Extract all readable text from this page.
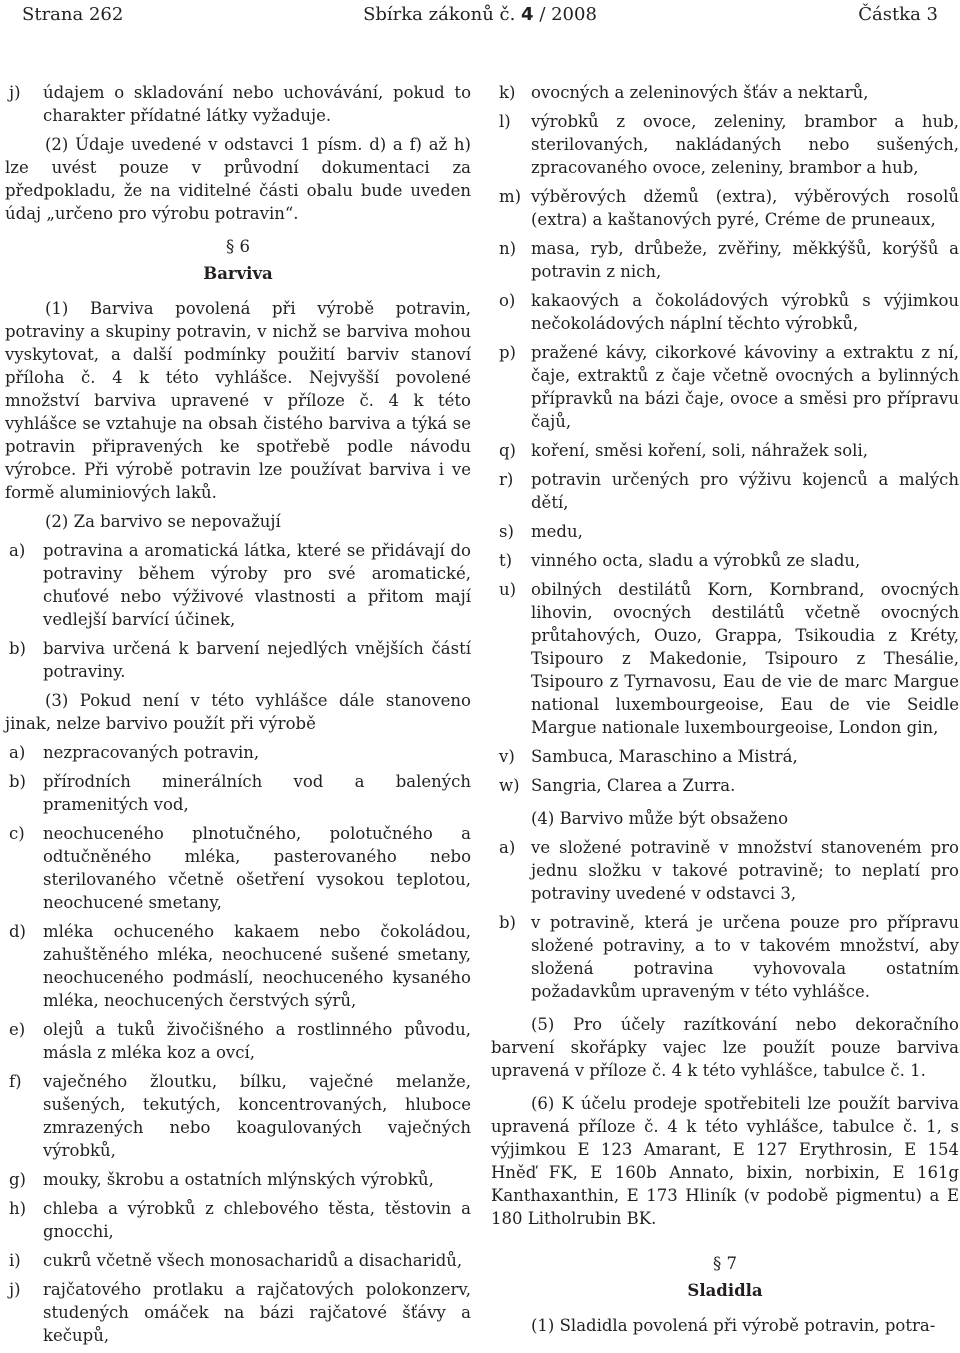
Strana 262	Sbírka zákonů č. 4 / 2008	Částka 3
j)	údajem o skladování nebo uchovávání, pokud to charakter přídatné látky vyžaduje.

(2) Údaje uvedené v odstavci 1 písm. d) a f) až h) lze uvést pouze v průvodní dokumentaci za předpokladu, že na viditelné části obalu bude uveden údaj „určeno pro výrobu potravin“.

§ 6
Barviva

(1) Barviva povolená při výrobě potravin, potraviny a skupiny potravin, v nichž se barviva mohou vyskytovat, a další podmínky použití barviv stanoví příloha č. 4 k této vyhlášce. Nejvyšší povolené množství barviva upravené v příloze č. 4 k této vyhlášce se vztahuje na obsah čistého barviva a týká se potravin připravených ke spotřebě podle návodu výrobce. Při výrobě potravin lze používat barviva i ve formě aluminiových laků.

(2) Za barvivo se nepovažují

a)	potravina a aromatická látka, které se přidávají do potraviny během výroby pro své aromatické, chuťové nebo výživové vlastnosti a přitom mají vedlejší barvící účinek,
b)	barviva určená k barvení nejedlých vnějších částí potraviny.

(3) Pokud není v této vyhlášce dále stanoveno jinak, nelze barvivo použít při výrobě

a)	nezpracovaných potravin,
b)	přírodních minerálních vod a balených pramenitých vod,
c)	neochuceného plnotučného, polotučného a odtučněného mléka, pasterovaného nebo sterilovaného včetně ošetření vysokou teplotou, neochucené smetany,
d)	mléka ochuceného kakaem nebo čokoládou, zahuštěného mléka, neochucené sušené smetany, neochuceného podmáslí, neochuceného kysaného mléka, neochucených čerstvých sýrů,
e)	olejů a tuků živočišného a rostlinného původu, másla z mléka koz a ovcí,
f)	vaječného žloutku, bílku, vaječné melanže, sušených, tekutých, koncentrovaných, hluboce zmrazených nebo koagulovaných vaječných výrobků,
g)	mouky, škrobu a ostatních mlýnských výrobků,
h)	chleba a výrobků z chlebového těsta, těstovin a gnocchi,
i)	cukrů včetně všech monosacharidů a disacharidů,
j)	rajčatového protlaku a rajčatových polokonzerv, studených omáček na bázi rajčatové šťávy a kečupů,
k) ovocných a zeleninových šťáv a nektarů,
l)	výrobků z ovoce, zeleniny, brambor a hub, sterilovaných, nakládaných nebo sušených, zpracovaného ovoce, zeleniny, brambor a hub,
m) výběrových džemů (extra), výběrových rosolů (extra) a kaštanových pyré, Créme de pruneaux,
n) masa, ryb, drůbeže, zvěřiny, měkkýšů, korýšů a potravin z nich,
o) kakaových a čokoládových výrobků s výjimkou nečokoládových náplní těchto výrobků,
p) pražené kávy, cikorkové kávoviny a extraktu z ní, čaje, extraktů z čaje včetně ovocných a bylinných přípravků na bázi čaje, ovoce a směsi pro přípravu čajů,
q) koření, směsi koření, soli, náhražek soli,
r)	potravin určených pro výživu kojenců a malých dětí,
s)	medu,
t)	vinného octa, sladu a výrobků ze sladu,
u) obilných destilátů Korn, Kornbrand, ovocných lihovin, ovocných destilátů včetně ovocných průtahových, Ouzo, Grappa, Tsikoudia z Kréty, Tsipouro z Makedonie, Tsipouro z Thesálie, Tsipouro z Tyrnavosu, Eau de vie de marc Margue national luxembourgeoise, Eau de vie Seidle Margue nationale luxembourgeoise, London gin,
v) Sambuca, Maraschino a Mistrá,
w) Sangria, Clarea a Zurra.

(4) Barvivo může být obsaženo

a) ve složené potravině v množství stanoveném pro jednu složku v takové potravině; to neplatí pro potraviny uvedené v odstavci 3,
b) v potravině, která je určena pouze pro přípravu složené potraviny, a to v takovém množství, aby složená potravina vyhovovala ostatním požadavkům upraveným v této vyhlášce.

(5) Pro účely razítkování nebo dekoračního barvení skořápky vajec lze použít pouze barviva upravená v příloze č. 4 k této vyhlášce, tabulce č. 1.

(6) K účelu prodeje spotřebiteli lze použít barviva upravená příloze č. 4 k této vyhlášce, tabulce č. 1, s výjimkou E 123 Amarant, E 127 Erythrosin, E 154 Hněď FK, E 160b Annato, bixin, norbixin, E 161g Kanthaxanthin, E 173 Hliník (v podobě pigmentu) a E 180 Litholrubin BK.

§ 7
Sladidla

(1) Sladidla povolená při výrobě potravin, potra-
